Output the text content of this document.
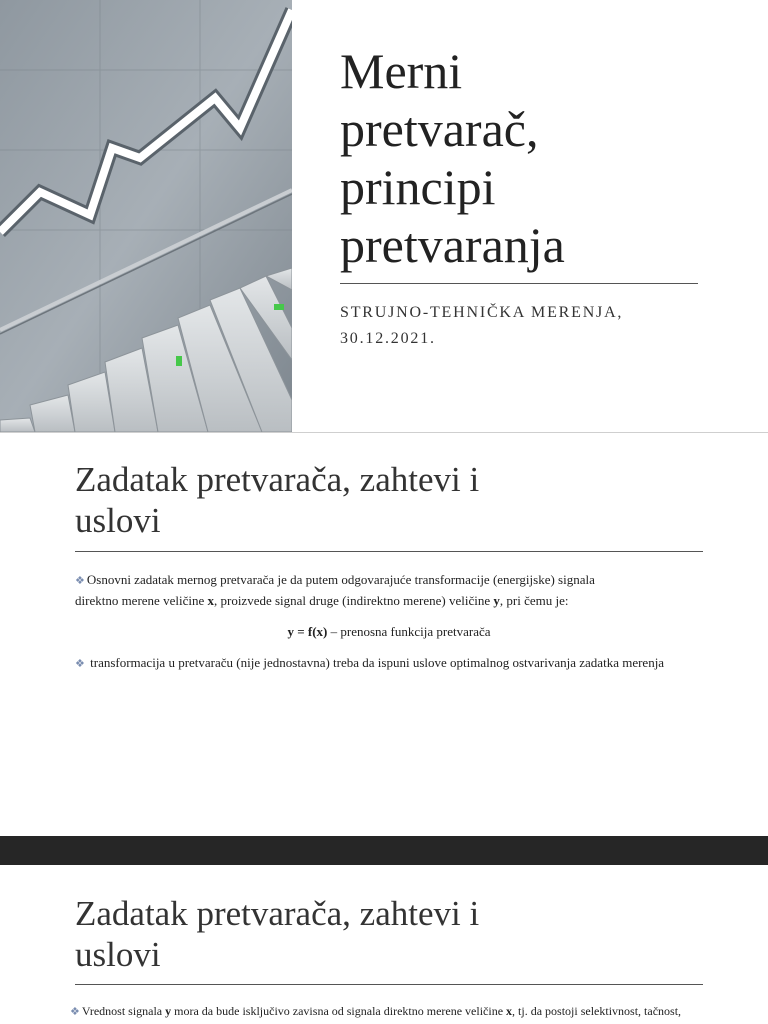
Merni
pretvarač,
principi
pretvaranja

STRUJNO-TEHNIČKA MERENJA,
30.12.2021.

Zadatak pretvarača, zahtevi i
uslovi

❖ Osnovni zadatak mernog pretvarača je da putem odgovarajuće transformacije (energijske) signala
direktno merene veličine x, proizvede signal druge (indirektno merene) veličine y, pri čemu je:

y = f(x) – prenosna funkcija pretvarača

❖ transformacija u pretvaraču (nije jednostavna) treba da ispuni uslove optimalnog ostvarivanja zadatka merenja

Zadatak pretvarača, zahtevi i
uslovi

❖ Vrednost signala y mora da bude isključivo zavisna od signala direktno merene veličine x, tj. da postoji selektivnost, tačnost,
